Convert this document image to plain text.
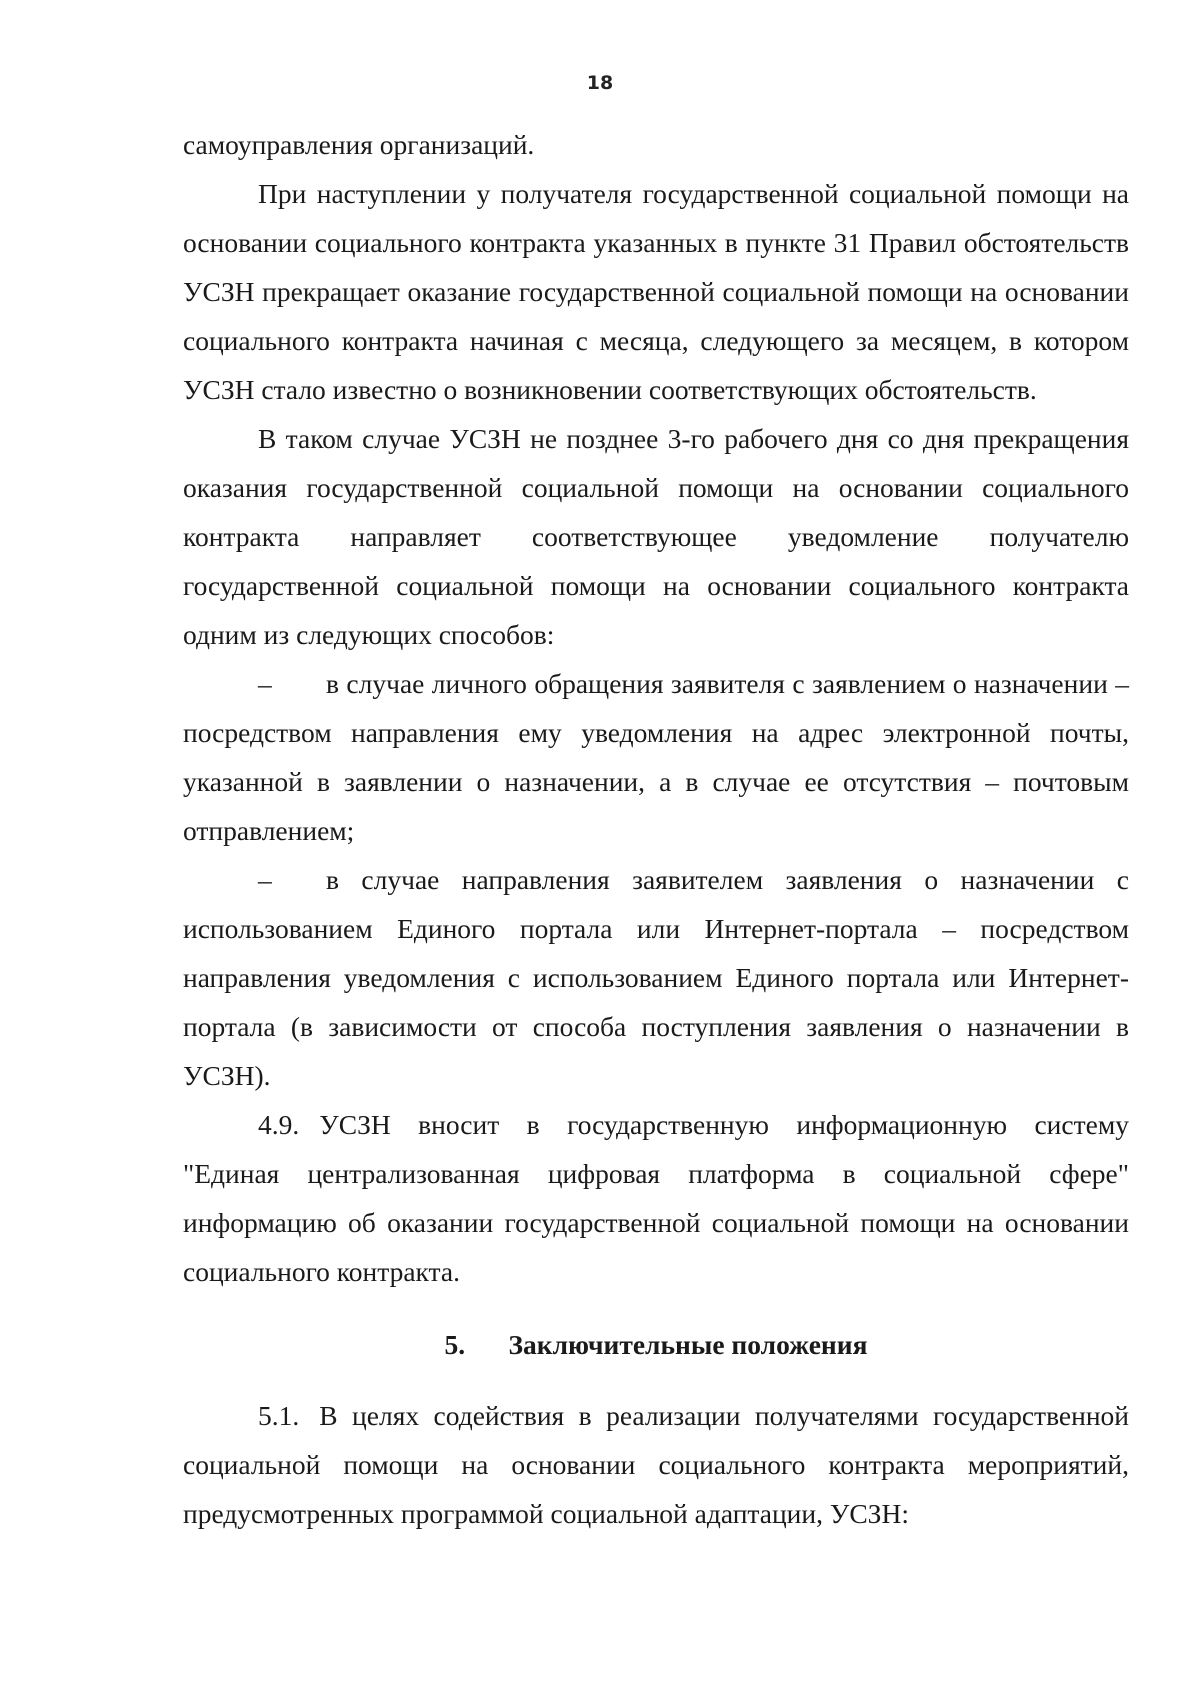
18

самоуправления организаций.

При наступлении у получателя государственной социальной помощи на основании социального контракта указанных в пункте 31 Правил обстоятельств УСЗН прекращает оказание государственной социальной помощи на основании социального контракта начиная с месяца, следующего за месяцем, в котором УСЗН стало известно о возникновении соответствующих обстоятельств.

В таком случае УСЗН не позднее 3-го рабочего дня со дня прекращения оказания государственной социальной помощи на основании социального контракта направляет соответствующее уведомление получателю государственной социальной помощи на основании социального контракта одним из следующих способов:

– в случае личного обращения заявителя с заявлением о назначении – посредством направления ему уведомления на адрес электронной почты, указанной в заявлении о назначении, а в случае ее отсутствия – почтовым отправлением;

– в случае направления заявителем заявления о назначении с использованием Единого портала или Интернет-портала – посредством направления уведомления с использованием Единого портала или Интернет-портала (в зависимости от способа поступления заявления о назначении в УСЗН).

4.9. УСЗН вносит в государственную информационную систему "Единая централизованная цифровая платформа в социальной сфере" информацию об оказании государственной социальной помощи на основании социального контракта.

5. Заключительные положения

5.1. В целях содействия в реализации получателями государственной социальной помощи на основании социального контракта мероприятий, предусмотренных программой социальной адаптации, УСЗН:
